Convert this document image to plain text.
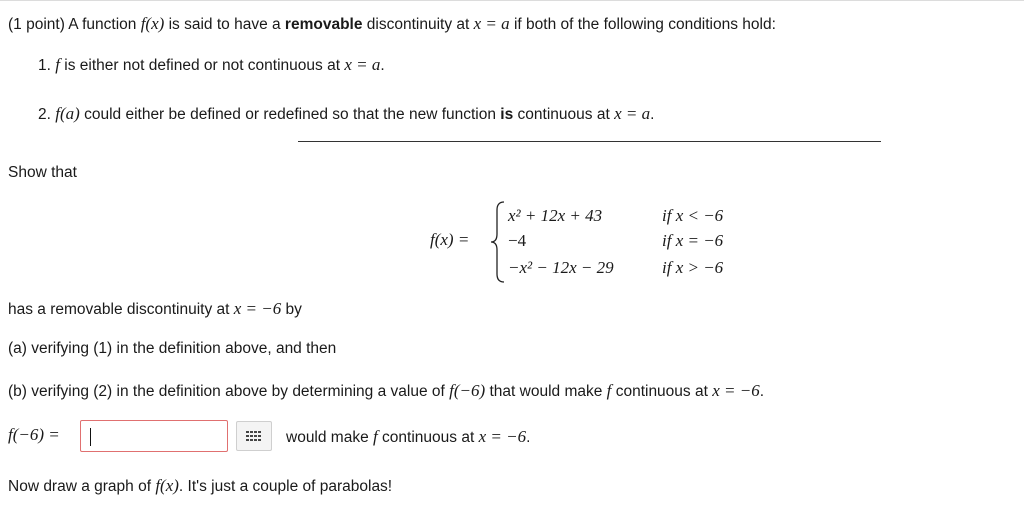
(1 point) A function f(x) is said to have a removable discontinuity at x = a if both of the following conditions hold:
1. f is either not defined or not continuous at x = a.
2. f(a) could either be defined or redefined so that the new function is continuous at x = a.
Show that
f(x) =
x² + 12x + 43	if x < −6
−4	if x = −6
−x² − 12x − 29	if x > −6
has a removable discontinuity at x = −6 by
(a) verifying (1) in the definition above, and then
(b) verifying (2) in the definition above by determining a value of f(−6) that would make f continuous at x = −6.
f(−6) =	would make f continuous at x = −6.
Now draw a graph of f(x). It's just a couple of parabolas!
